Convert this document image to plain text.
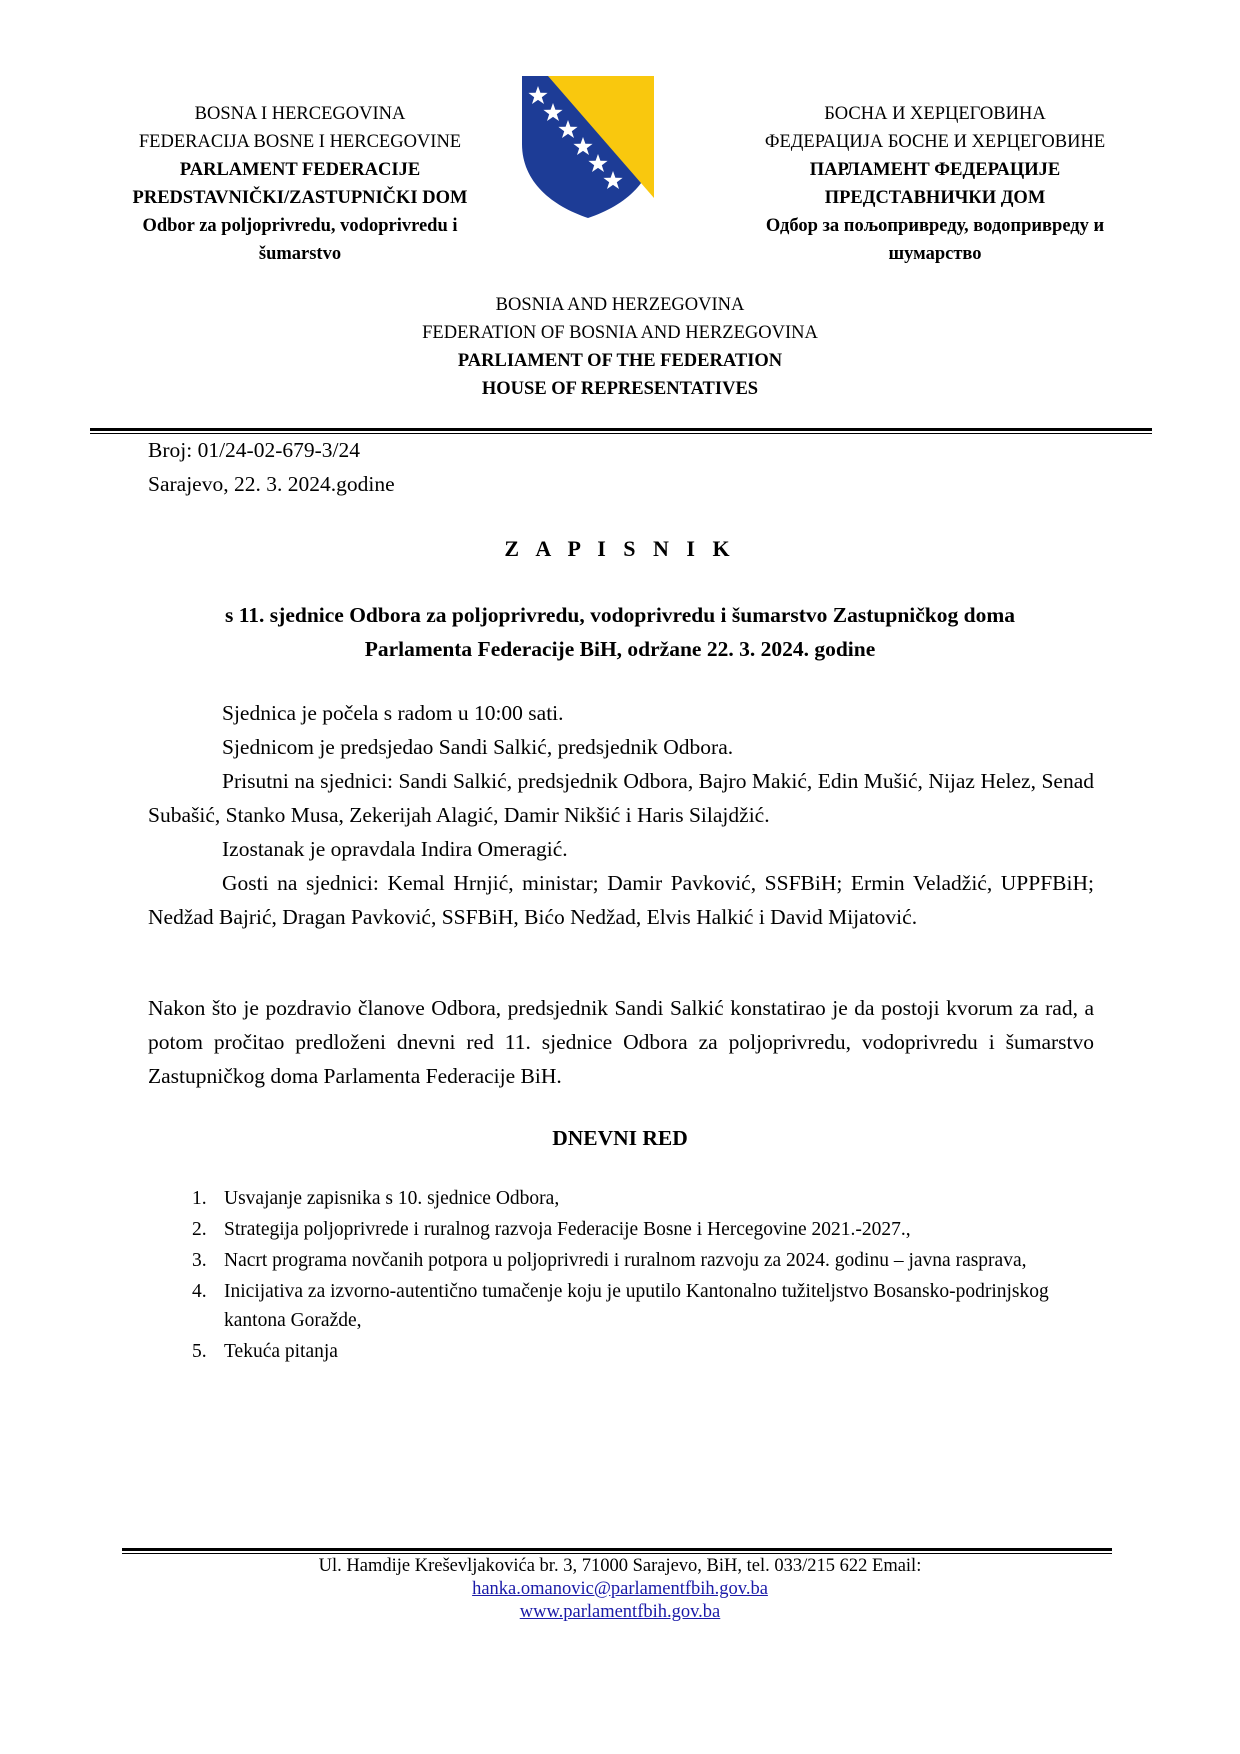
BOSNA I HERCEGOVINA
FEDERACIJA BOSNE I HERCEGOVINE
PARLAMENT FEDERACIJE
PREDSTAVNIČKI/ZASTUPNIČKI DOM
Odbor za poljoprivredu, vodoprivredu i
šumarstvo
БОСНА И ХЕРЦЕГОВИНА
ФЕДЕРАЦИЈА БОСНЕ И ХЕРЦЕГОВИНЕ
ПАРЛАМЕНТ ФЕДЕРАЦИЈЕ
ПРЕДСТАВНИЧКИ ДОМ
Одбор за пољопривреду, водопривреду и
шумарство
BOSNIA AND HERZEGOVINA
FEDERATION OF BOSNIA AND HERZEGOVINA
PARLIAMENT OF THE FEDERATION
HOUSE OF REPRESENTATIVES
Broj: 01/24-02-679-3/24
Sarajevo, 22. 3. 2024.godine
Z A P I S N I K
s 11. sjednice Odbora za poljoprivredu, vodoprivredu i šumarstvo Zastupničkog doma
Parlamenta Federacije BiH, održane 22. 3. 2024. godine
Sjednica je počela s radom u 10:00 sati.
Sjednicom je predsjedao Sandi Salkić, predsjednik Odbora.
Prisutni na sjednici: Sandi Salkić, predsjednik Odbora, Bajro Makić, Edin Mušić, Nijaz Helez, Senad Subašić, Stanko Musa, Zekerijah Alagić, Damir Nikšić i Haris Silajdžić.
Izostanak je opravdala Indira Omeragić.
Gosti na sjednici: Kemal Hrnjić, ministar; Damir Pavković, SSFBiH; Ermin Veladžić, UPPFBiH; Nedžad Bajrić, Dragan Pavković, SSFBiH, Bićo Nedžad, Elvis Halkić i David Mijatović.
Nakon što je pozdravio članove Odbora, predsjednik Sandi Salkić konstatirao je da postoji kvorum za rad, a potom pročitao predloženi dnevni red 11. sjednice Odbora za poljoprivredu, vodoprivredu i šumarstvo Zastupničkog doma Parlamenta Federacije BiH.
DNEVNI RED
1. Usvajanje zapisnika s 10. sjednice Odbora,
2. Strategija poljoprivrede i ruralnog razvoja Federacije Bosne i Hercegovine 2021.-2027.,
3. Nacrt programa novčanih potpora u poljoprivredi i ruralnom razvoju za 2024. godinu – javna rasprava,
4. Inicijativa za izvorno-autentično tumačenje koju je uputilo Kantonalno tužiteljstvo Bosansko-podrinjskog kantona Goražde,
5. Tekuća pitanja
Ul. Hamdije Kreševljakovića br. 3, 71000 Sarajevo, BiH, tel. 033/215 622 Email:
hanka.omanovic@parlamentfbih.gov.ba
www.parlamentfbih.gov.ba
